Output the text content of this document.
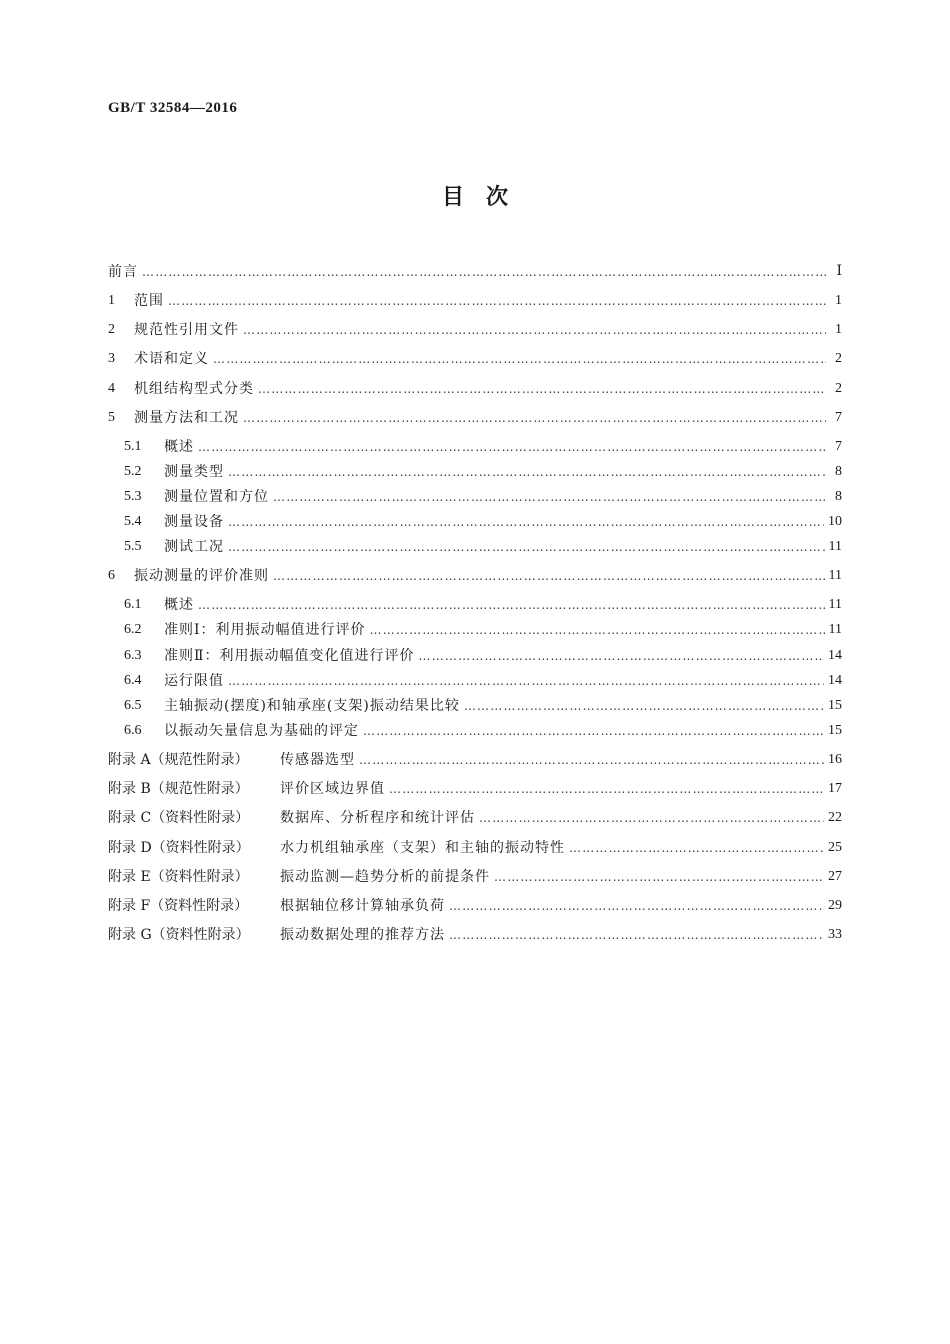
GB/T 32584—2016
目　次
前言 …………………………………………………………………………………………………………………………………………………………………………………………………………………………………………………………………………	Ⅰ
1	范围 …………………………………………………………………………………………………………………………………………………………………………………………………………………………………………………………………………	1
2	规范性引用文件 …………………………………………………………………………………………………………………………………………………………………………………………………………………………………………………………………………	1
3	术语和定义 …………………………………………………………………………………………………………………………………………………………………………………………………………………………………………………………………………	2
4	机组结构型式分类 …………………………………………………………………………………………………………………………………………………………………………………………………………………………………………………………………………	2
5	测量方法和工况 …………………………………………………………………………………………………………………………………………………………………………………………………………………………………………………………………………	7
5.1	概述 …………………………………………………………………………………………………………………………………………………………………………………………………………………………………………………………………………	7
5.2	测量类型 …………………………………………………………………………………………………………………………………………………………………………………………………………………………………………………………………………	8
5.3	测量位置和方位 …………………………………………………………………………………………………………………………………………………………………………………………………………………………………………………………………………	8
5.4	测量设备 …………………………………………………………………………………………………………………………………………………………………………………………………………………………………………………………………………	10
5.5	测试工况 …………………………………………………………………………………………………………………………………………………………………………………………………………………………………………………………………………	11
6	振动测量的评价准则 …………………………………………………………………………………………………………………………………………………………………………………………………………………………………………………………………………	11
6.1	概述 …………………………………………………………………………………………………………………………………………………………………………………………………………………………………………………………………………	11
6.2	准则Ⅰ：利用振动幅值进行评价 …………………………………………………………………………………………………………………………………………………………………………………………………………………………………………………………………………	11
6.3	准则Ⅱ：利用振动幅值变化值进行评价 …………………………………………………………………………………………………………………………………………………………………………………………………………………………………………………………………………	14
6.4	运行限值 …………………………………………………………………………………………………………………………………………………………………………………………………………………………………………………………………………	14
6.5	主轴振动(摆度)和轴承座(支架)振动结果比较 …………………………………………………………………………………………………………………………………………………………………………………………………………………………………………………………………………	15
6.6	以振动矢量信息为基础的评定 …………………………………………………………………………………………………………………………………………………………………………………………………………………………………………………………………………	15
附录 A（规范性附录）	传感器选型 …………………………………………………………………………………………………………………………………………………………………………………………………………………………………………………………………………	16
附录 B（规范性附录）	评价区域边界值 …………………………………………………………………………………………………………………………………………………………………………………………………………………………………………………………………………	17
附录 C（资料性附录）	数据库、分析程序和统计评估 …………………………………………………………………………………………………………………………………………………………………………………………………………………………………………………………………………	22
附录 D（资料性附录）	水力机组轴承座（支架）和主轴的振动特性 …………………………………………………………………………………………………………………………………………………………………………………………………………………………………………………………………………	25
附录 E（资料性附录）	振动监测—趋势分析的前提条件 …………………………………………………………………………………………………………………………………………………………………………………………………………………………………………………………………………	27
附录 F（资料性附录）	根据轴位移计算轴承负荷 …………………………………………………………………………………………………………………………………………………………………………………………………………………………………………………………………………	29
附录 G（资料性附录）	振动数据处理的推荐方法 …………………………………………………………………………………………………………………………………………………………………………………………………………………………………………………………………………	33
